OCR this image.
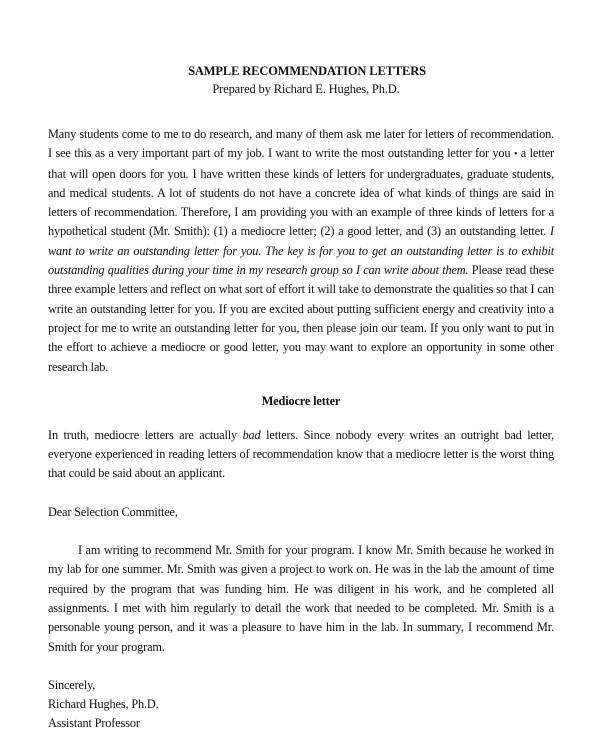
SAMPLE RECOMMENDATION LETTERS
Prepared by Richard E. Hughes, Ph.D.
Many students come to me to do research, and many of them ask me later for letters of recommendation. I see this as a very important part of my job. I want to write the most outstanding letter for you • a letter that will open doors for you. I have written these kinds of letters for undergraduates, graduate students, and medical students. A lot of students do not have a concrete idea of what kinds of things are said in letters of recommendation. Therefore, I am providing you with an example of three kinds of letters for a hypothetical student (Mr. Smith): (1) a mediocre letter; (2) a good letter, and (3) an outstanding letter. I want to write an outstanding letter for you. The key is for you to get an outstanding letter is to exhibit outstanding qualities during your time in my research group so I can write about them. Please read these three example letters and reflect on what sort of effort it will take to demonstrate the qualities so that I can write an outstanding letter for you. If you are excited about putting sufficient energy and creativity into a project for me to write an outstanding letter for you, then please join our team. If you only want to put in the effort to achieve a mediocre or good letter, you may want to explore an opportunity in some other research lab.
Mediocre letter
In truth, mediocre letters are actually bad letters. Since nobody every writes an outright bad letter, everyone experienced in reading letters of recommendation know that a mediocre letter is the worst thing that could be said about an applicant.
Dear Selection Committee,
I am writing to recommend Mr. Smith for your program. I know Mr. Smith because he worked in my lab for one summer. Mr. Smith was given a project to work on. He was in the lab the amount of time required by the program that was funding him. He was diligent in his work, and he completed all assignments. I met with him regularly to detail the work that needed to be completed. Mr. Smith is a personable young person, and it was a pleasure to have him in the lab. In summary, I recommend Mr. Smith for your program.
Sincerely,
Richard Hughes, Ph.D.
Assistant Professor
